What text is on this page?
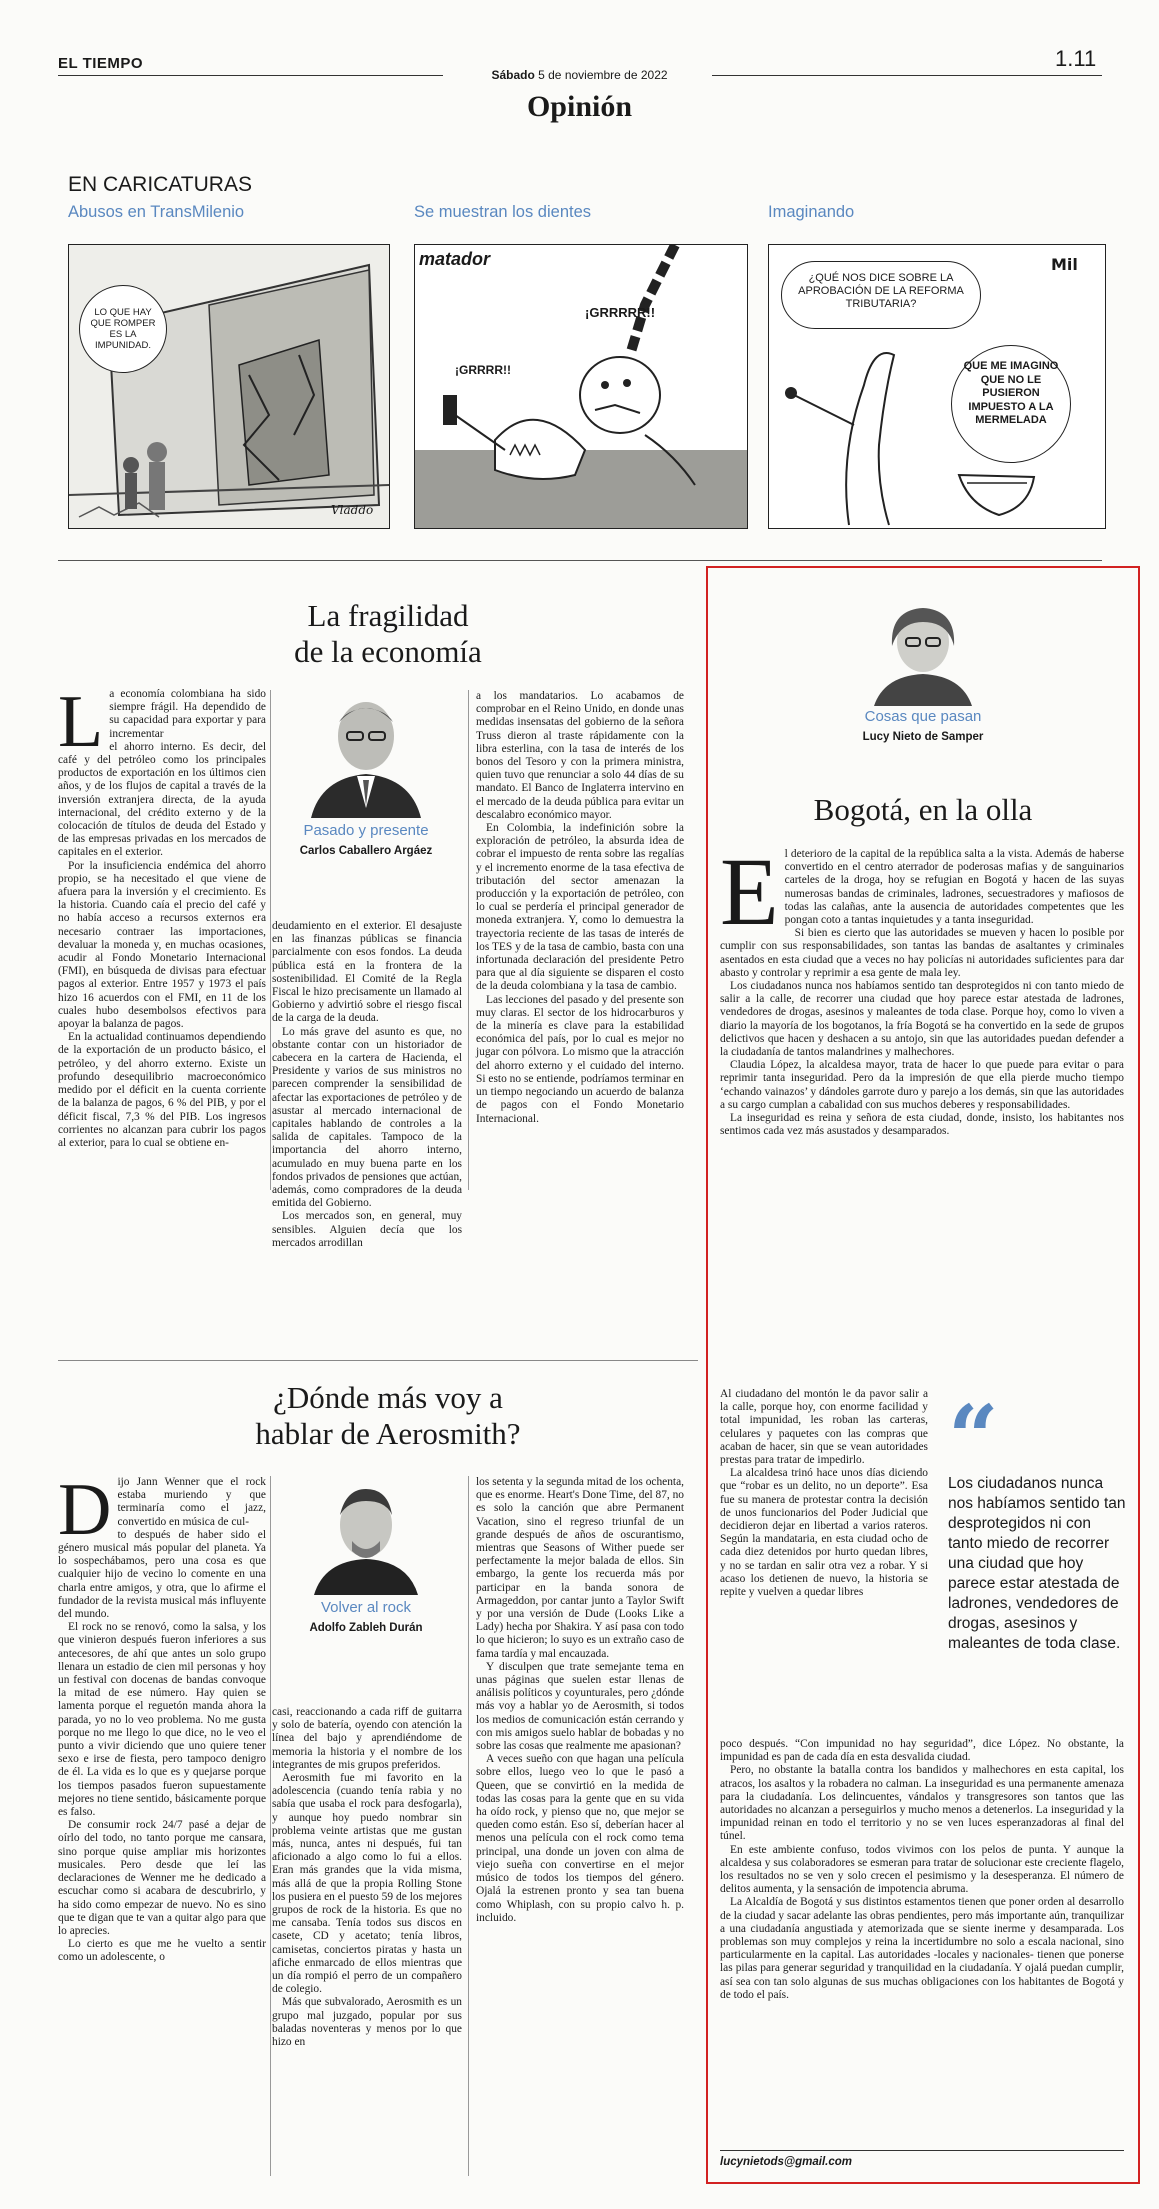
EL TIEMPO
Sábado 5 de noviembre de 2022
1.11
Opinión
EN CARICATURAS
Abusos en TransMilenio	Se muestran los dientes	Imaginando
LO QUE HAY QUE ROMPER ES LA IMPUNIDAD.
Vladdo
matador
¡GRRRRR!!
¡GRRRR!!
¿QUÉ NOS DICE SOBRE LA APROBACIÓN DE LA REFORMA TRIBUTARIA?
QUE ME IMAGINO QUE NO LE PUSIERON IMPUESTO A LA MERMELADA
Mil
La fragilidad
de la economía
Pasado y presente
Carlos Caballero Argáez
L a economía colombiana ha sido siempre frágil. Ha dependido de su capacidad para exportar y para incrementar

el ahorro interno. Es decir, del café y del petróleo como los principales productos de exportación en los últimos cien años, y de los flujos de capital a través de la inversión extranjera directa, de la ayuda internacional, del crédito externo y de la colocación de títulos de deuda del Estado y de las empresas privadas en los mercados de capitales en el exterior.

Por la insuficiencia endémica del ahorro propio, se ha necesitado el que viene de afuera para la inversión y el crecimiento. Es la historia. Cuando caía el precio del café y no había acceso a recursos externos era necesario contraer las importaciones, devaluar la moneda y, en muchas ocasiones, acudir al Fondo Monetario Internacional (FMI), en búsqueda de divisas para efectuar pagos al exterior. Entre 1957 y 1973 el país hizo 16 acuerdos con el FMI, en 11 de los cuales hubo desembolsos efectivos para apoyar la balanza de pagos.

En la actualidad continuamos dependiendo de la exportación de un producto básico, el petróleo, y del ahorro externo. Existe un profundo desequilibrio macroeconómico medido por el déficit en la cuenta corriente de la balanza de pagos, 6 % del PIB, y por el déficit fiscal, 7,3 % del PIB. Los ingresos corrientes no alcanzan para cubrir los pagos al exterior, para lo cual se obtiene en-

deudamiento en el exterior. El desajuste en las finanzas públicas se financia parcialmente con esos fondos. La deuda pública está en la frontera de la sostenibilidad. El Comité de la Regla Fiscal le hizo precisamente un llamado al Gobierno y advirtió sobre el riesgo fiscal de la carga de la deuda.

Lo más grave del asunto es que, no obstante contar con un historiador de cabecera en la cartera de Hacienda, el Presidente y varios de sus ministros no parecen comprender la sensibilidad de afectar las exportaciones de petróleo y de asustar al mercado internacional de capitales hablando de controles a la salida de capitales. Tampoco de la importancia del ahorro interno, acumulado en muy buena parte en los fondos privados de pensiones que actúan, además, como compradores de la deuda emitida del Gobierno.

Los mercados son, en general, muy sensibles. Alguien decía que los mercados arrodillan

a los mandatarios. Lo acabamos de comprobar en el Reino Unido, en donde unas medidas insensatas del gobierno de la señora Truss dieron al traste rápidamente con la libra esterlina, con la tasa de interés de los bonos del Tesoro y con la primera ministra, quien tuvo que renunciar a solo 44 días de su mandato. El Banco de Inglaterra intervino en el mercado de la deuda pública para evitar un descalabro económico mayor.

En Colombia, la indefinición sobre la exploración de petróleo, la absurda idea de cobrar el impuesto de renta sobre las regalías y el incremento enorme de la tasa efectiva de tributación del sector amenazan la producción y la exportación de petróleo, con lo cual se perdería el principal generador de moneda extranjera. Y, como lo demuestra la trayectoria reciente de las tasas de interés de los TES y de la tasa de cambio, basta con una infortunada declaración del presidente Petro para que al día siguiente se disparen el costo de la deuda colombiana y la tasa de cambio.

Las lecciones del pasado y del presente son muy claras. El sector de los hidrocarburos y de la minería es clave para la estabilidad económica del país, por lo cual es mejor no jugar con pólvora. Lo mismo que la atracción del ahorro externo y el cuidado del interno. Si esto no se entiende, podríamos terminar en un tiempo negociando un acuerdo de balanza de pagos con el Fondo Monetario Internacional.

¿Dónde más voy a
hablar de Aerosmith?
Volver al rock
Adolfo Zableh Durán
D ijo Jann Wenner que el rock estaba muriendo y que terminaría como el jazz, convertido en música de cul-

to después de haber sido el género musical más popular del planeta. Ya lo sospechábamos, pero una cosa es que cualquier hijo de vecino lo comente en una charla entre amigos, y otra, que lo afirme el fundador de la revista musical más influyente del mundo.

El rock no se renovó, como la salsa, y los que vinieron después fueron inferiores a sus antecesores, de ahí que antes un solo grupo llenara un estadio de cien mil personas y hoy un festival con docenas de bandas convoque la mitad de ese número. Hay quien se lamenta porque el reguetón manda ahora la parada, yo no lo veo problema. No me gusta porque no me llego lo que dice, no le veo el punto a vivir diciendo que uno quiere tener sexo e irse de fiesta, pero tampoco denigro de él. La vida es lo que es y quejarse porque los tiempos pasados fueron supuestamente mejores no tiene sentido, básicamente porque es falso.

De consumir rock 24/7 pasé a dejar de oírlo del todo, no tanto porque me cansara, sino porque quise ampliar mis horizontes musicales. Pero desde que leí las declaraciones de Wenner me he dedicado a escuchar como si acabara de descubrirlo, y ha sido como empezar de nuevo. No es sino que te digan que te van a quitar algo para que lo aprecies.

Lo cierto es que me he vuelto a sentir como un adolescente, o

casi, reaccionando a cada riff de guitarra y solo de batería, oyendo con atención la línea del bajo y aprendiéndome de memoria la historia y el nombre de los integrantes de mis grupos preferidos.

Aerosmith fue mi favorito en la adolescencia (cuando tenía rabia y no sabía que usaba el rock para desfogarla), y aunque hoy puedo nombrar sin problema veinte artistas que me gustan más, nunca, antes ni después, fui tan aficionado a algo como lo fui a ellos. Eran más grandes que la vida misma, más allá de que la propia Rolling Stone los pusiera en el puesto 59 de los mejores grupos de rock de la historia. Es que no me cansaba. Tenía todos sus discos en casete, CD y acetato; tenía libros, camisetas, conciertos piratas y hasta un afiche enmarcado de ellos mientras que un día rompió el perro de un compañero de colegio.

Más que subvalorado, Aerosmith es un grupo mal juzgado, popular por sus baladas noventeras y menos por lo que hizo en

los setenta y la segunda mitad de los ochenta, que es enorme. Heart's Done Time, del 87, no es solo la canción que abre Permanent Vacation, sino el regreso triunfal de un grande después de años de oscurantismo, mientras que Seasons of Wither puede ser perfectamente la mejor balada de ellos. Sin embargo, la gente los recuerda más por participar en la banda sonora de Armageddon, por cantar junto a Taylor Swift y por una versión de Dude (Looks Like a Lady) hecha por Shakira. Y así pasa con todo lo que hicieron; lo suyo es un extraño caso de fama tardía y mal encauzada.

Y disculpen que trate semejante tema en unas páginas que suelen estar llenas de análisis políticos y coyunturales, pero ¿dónde más voy a hablar yo de Aerosmith, si todos los medios de comunicación están cerrando y con mis amigos suelo hablar de bobadas y no sobre las cosas que realmente me apasionan?

A veces sueño con que hagan una película sobre ellos, luego veo lo que le pasó a Queen, que se convirtió en la medida de todas las cosas para la gente que en su vida ha oído rock, y pienso que no, que mejor se queden como están. Eso sí, deberían hacer al menos una película con el rock como tema principal, una donde un joven con alma de viejo sueña con convertirse en el mejor músico de todos los tiempos del género. Ojalá la estrenen pronto y sea tan buena como Whiplash, con su propio calvo h. p. incluido.

Cosas que pasan
Lucy Nieto de Samper
Bogotá, en la olla
E l deterioro de la capital de la república salta a la vista. Además de haberse convertido en el centro aterrador de poderosas mafias y de sanguinarios carteles de la droga, hoy se refugian en Bogotá y hacen de las suyas numerosas bandas de criminales, ladrones, secuestradores y mafiosos de todas las calañas, ante la ausencia de autoridades competentes que les pongan coto a tantas inquietudes y a tanta inseguridad.

Si bien es cierto que las autoridades se mueven y hacen lo posible por cumplir con sus responsabilidades, son tantas las bandas de asaltantes y criminales asentados en esta ciudad que a veces no hay policías ni autoridades suficientes para dar abasto y controlar y reprimir a esa gente de mala ley.

Los ciudadanos nunca nos habíamos sentido tan desprotegidos ni con tanto miedo de salir a la calle, de recorrer una ciudad que hoy parece estar atestada de ladrones, vendedores de drogas, asesinos y maleantes de toda clase. Porque hoy, como lo viven a diario la mayoría de los bogotanos, la fría Bogotá se ha convertido en la sede de grupos delictivos que hacen y deshacen a su antojo, sin que las autoridades puedan defender a la ciudadanía de tantos malandrines y malhechores.

Claudia López, la alcaldesa mayor, trata de hacer lo que puede para evitar o para reprimir tanta inseguridad. Pero da la impresión de que ella pierde mucho tiempo ‘echando vainazos’ y dándoles garrote duro y parejo a los demás, sin que las autoridades a su cargo cumplan a cabalidad con sus muchos deberes y responsabilidades.

La inseguridad es reina y señora de esta ciudad, donde, insisto, los habitantes nos sentimos cada vez más asustados y desamparados.

Al ciudadano del montón le da pavor salir a la calle, porque hoy, con enorme facilidad y total impunidad, les roban las carteras, celulares y paquetes con las compras que acaban de hacer, sin que se vean autoridades prestas para tratar de impedirlo.

La alcaldesa trinó hace unos días diciendo que “robar es un delito, no un deporte”. Esa fue su manera de protestar contra la decisión de unos funcionarios del Poder Judicial que decidieron dejar en libertad a varios rateros. Según la mandataria, en esta ciudad ocho de cada diez detenidos por hurto quedan libres, y no se tardan en salir otra vez a robar. Y si acaso los detienen de nuevo, la historia se repite y vuelven a quedar libres

“
Los ciudadanos nunca nos habíamos sentido tan desprotegidos ni con tanto miedo de recorrer una ciudad que hoy parece estar atestada de ladrones, vendedores de drogas, asesinos y maleantes de toda clase.

poco después. “Con impunidad no hay seguridad”, dice López. No obstante, la impunidad es pan de cada día en esta desvalida ciudad.

Pero, no obstante la batalla contra los bandidos y malhechores en esta capital, los atracos, los asaltos y la robadera no calman. La inseguridad es una permanente amenaza para la ciudadanía. Los delincuentes, vándalos y transgresores son tantos que las autoridades no alcanzan a perseguirlos y mucho menos a detenerlos. La inseguridad y la impunidad reinan en todo el territorio y no se ven luces esperanzadoras al final del túnel.

En este ambiente confuso, todos vivimos con los pelos de punta. Y aunque la alcaldesa y sus colaboradores se esmeran para tratar de solucionar este creciente flagelo, los resultados no se ven y solo crecen el pesimismo y la desesperanza. El número de delitos aumenta, y la sensación de impotencia abruma.

La Alcaldía de Bogotá y sus distintos estamentos tienen que poner orden al desarrollo de la ciudad y sacar adelante las obras pendientes, pero más importante aún, tranquilizar a una ciudadanía angustiada y atemorizada que se siente inerme y desamparada. Los problemas son muy complejos y reina la incertidumbre no solo a escala nacional, sino particularmente en la capital. Las autoridades -locales y nacionales- tienen que ponerse las pilas para generar seguridad y tranquilidad en la ciudadanía. Y ojalá puedan cumplir, así sea con tan solo algunas de sus muchas obligaciones con los habitantes de Bogotá y de todo el país.

lucynietods@gmail.com
